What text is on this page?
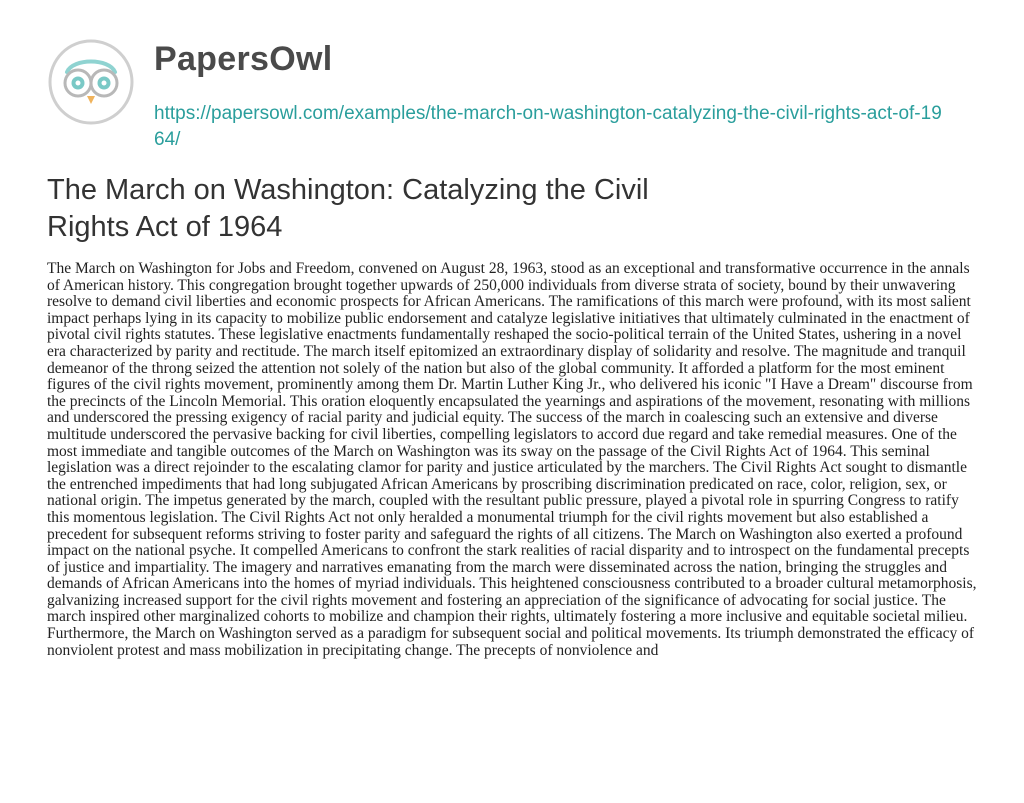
PapersOwl
https://papersowl.com/examples/the-march-on-washington-catalyzing-the-civil-rights-act-of-1964/
The March on Washington: Catalyzing the Civil Rights Act of 1964

The March on Washington for Jobs and Freedom, convened on August 28, 1963, stood as an exceptional and transformative occurrence in the annals of American history. This congregation brought together upwards of 250,000 individuals from diverse strata of society, bound by their unwavering resolve to demand civil liberties and economic prospects for African Americans. The ramifications of this march were profound, with its most salient impact perhaps lying in its capacity to mobilize public endorsement and catalyze legislative initiatives that ultimately culminated in the enactment of pivotal civil rights statutes. These legislative enactments fundamentally reshaped the socio-political terrain of the United States, ushering in a novel era characterized by parity and rectitude. The march itself epitomized an extraordinary display of solidarity and resolve. The magnitude and tranquil demeanor of the throng seized the attention not solely of the nation but also of the global community. It afforded a platform for the most eminent figures of the civil rights movement, prominently among them Dr. Martin Luther King Jr., who delivered his iconic "I Have a Dream" discourse from the precincts of the Lincoln Memorial. This oration eloquently encapsulated the yearnings and aspirations of the movement, resonating with millions and underscored the pressing exigency of racial parity and judicial equity. The success of the march in coalescing such an extensive and diverse multitude underscored the pervasive backing for civil liberties, compelling legislators to accord due regard and take remedial measures. One of the most immediate and tangible outcomes of the March on Washington was its sway on the passage of the Civil Rights Act of 1964. This seminal legislation was a direct rejoinder to the escalating clamor for parity and justice articulated by the marchers. The Civil Rights Act sought to dismantle the entrenched impediments that had long subjugated African Americans by proscribing discrimination predicated on race, color, religion, sex, or national origin. The impetus generated by the march, coupled with the resultant public pressure, played a pivotal role in spurring Congress to ratify this momentous legislation. The Civil Rights Act not only heralded a monumental triumph for the civil rights movement but also established a precedent for subsequent reforms striving to foster parity and safeguard the rights of all citizens. The March on Washington also exerted a profound impact on the national psyche. It compelled Americans to confront the stark realities of racial disparity and to introspect on the fundamental precepts of justice and impartiality. The imagery and narratives emanating from the march were disseminated across the nation, bringing the struggles and demands of African Americans into the homes of myriad individuals. This heightened consciousness contributed to a broader cultural metamorphosis, galvanizing increased support for the civil rights movement and fostering an appreciation of the significance of advocating for social justice. The march inspired other marginalized cohorts to mobilize and champion their rights, ultimately fostering a more inclusive and equitable societal milieu. Furthermore, the March on Washington served as a paradigm for subsequent social and political movements. Its triumph demonstrated the efficacy of nonviolent protest and mass mobilization in precipitating change. The precepts of nonviolence and
